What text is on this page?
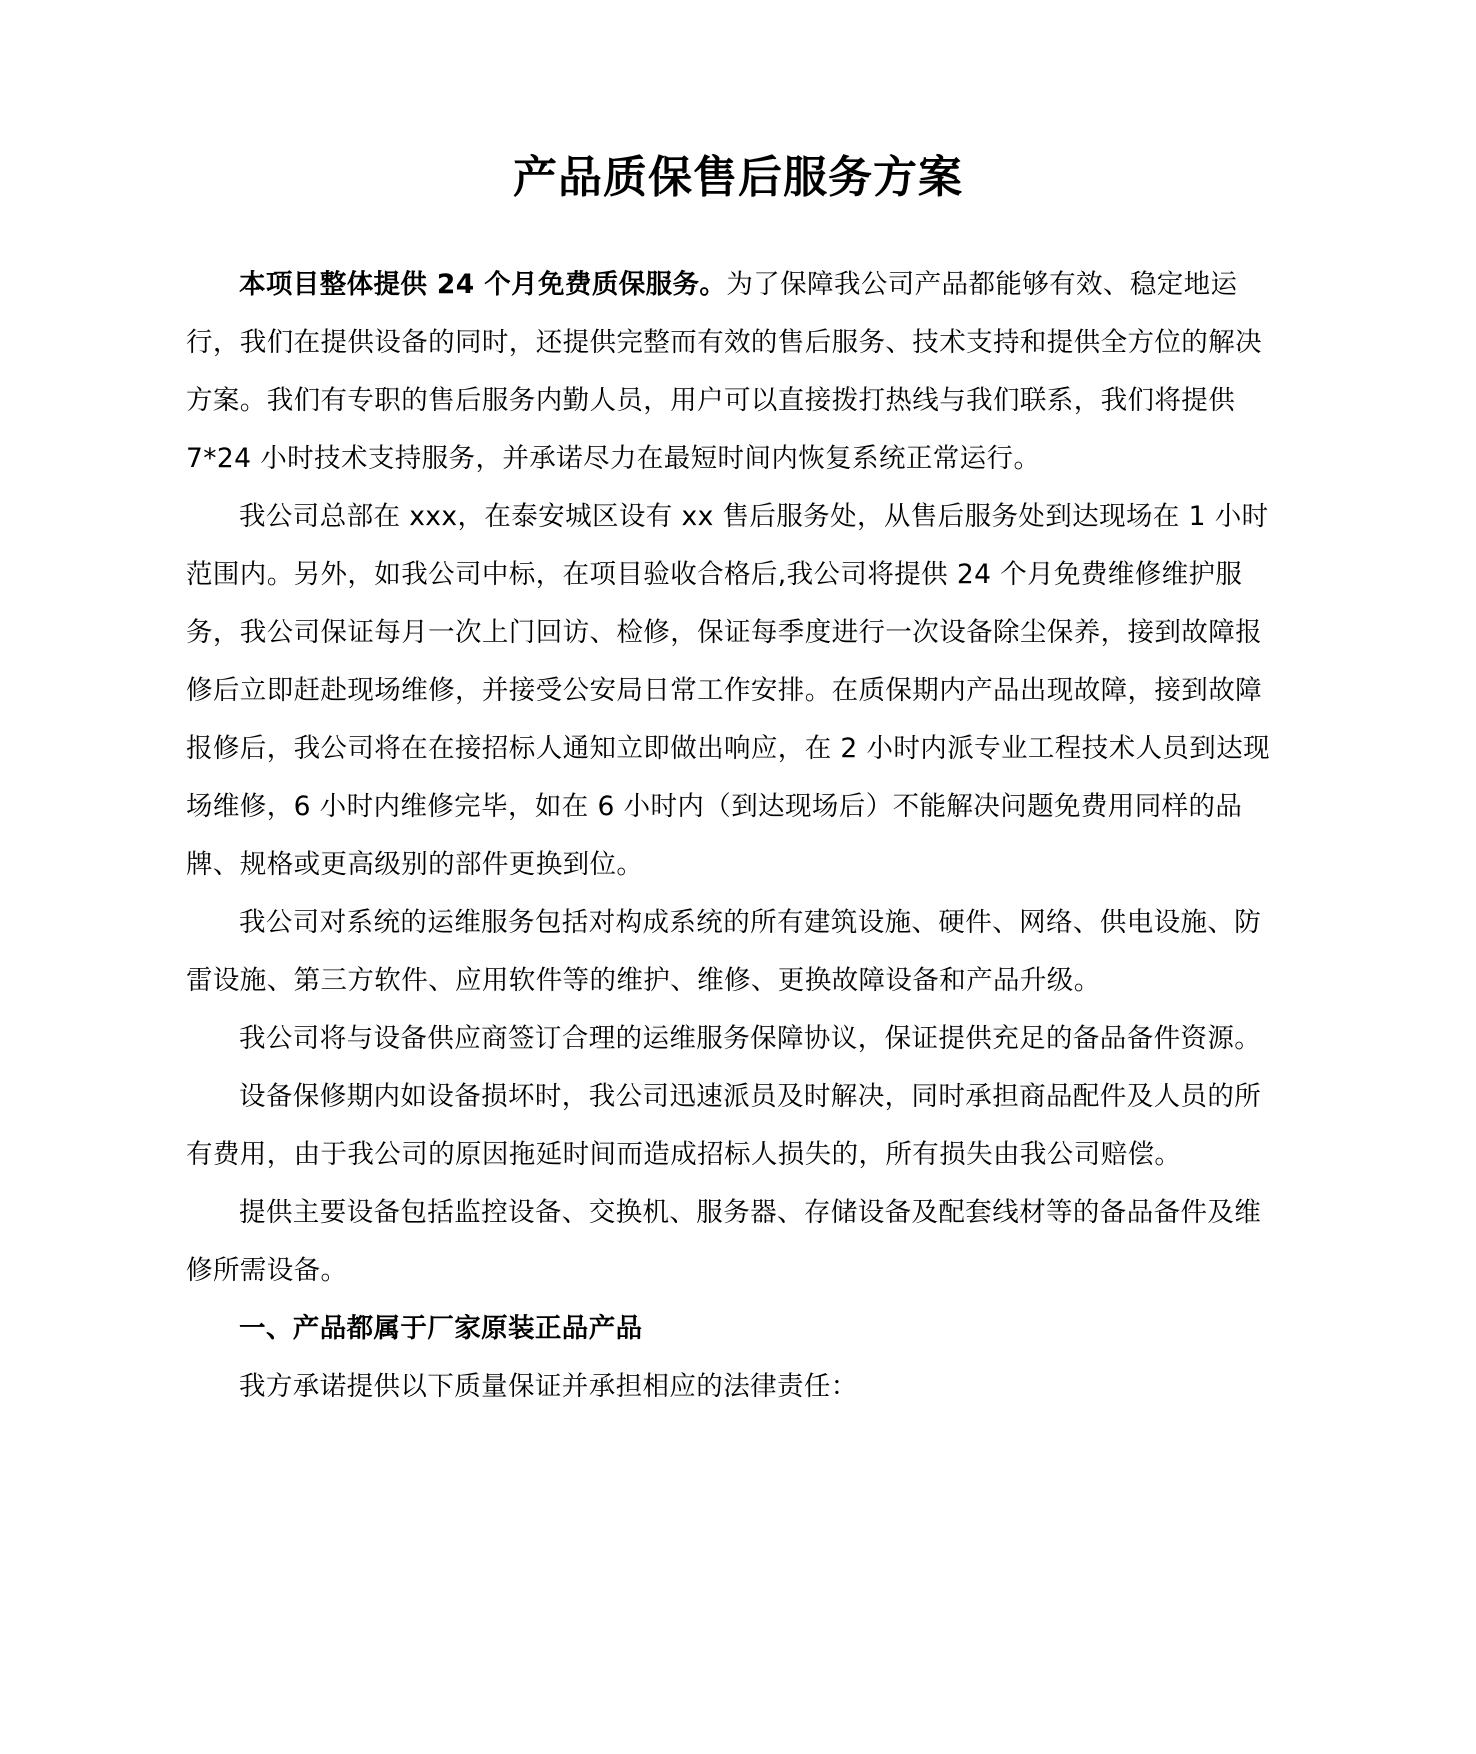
产品质保售后服务方案

本项目整体提供 24 个月免费质保服务。为了保障我公司产品都能够有效、稳定地运行，我们在提供设备的同时，还提供完整而有效的售后服务、技术支持和提供全方位的解决方案。我们有专职的售后服务内勤人员，用户可以直接拨打热线与我们联系，我们将提供 7*24 小时技术支持服务，并承诺尽力在最短时间内恢复系统正常运行。

我公司总部在 xxx，在泰安城区设有 xx 售后服务处，从售后服务处到达现场在 1 小时范围内。另外，如我公司中标，在项目验收合格后,我公司将提供 24 个月免费维修维护服务，我公司保证每月一次上门回访、检修，保证每季度进行一次设备除尘保养，接到故障报修后立即赶赴现场维修，并接受公安局日常工作安排。在质保期内产品出现故障，接到故障报修后，我公司将在在接招标人通知立即做出响应，在 2 小时内派专业工程技术人员到达现场维修，6 小时内维修完毕，如在 6 小时内（到达现场后）不能解决问题免费用同样的品牌、规格或更高级别的部件更换到位。

我公司对系统的运维服务包括对构成系统的所有建筑设施、硬件、网络、供电设施、防雷设施、第三方软件、应用软件等的维护、维修、更换故障设备和产品升级。

我公司将与设备供应商签订合理的运维服务保障协议，保证提供充足的备品备件资源。

设备保修期内如设备损坏时，我公司迅速派员及时解决，同时承担商品配件及人员的所有费用，由于我公司的原因拖延时间而造成招标人损失的，所有损失由我公司赔偿。

提供主要设备包括监控设备、交换机、服务器、存储设备及配套线材等的备品备件及维修所需设备。

一、产品都属于厂家原装正品产品

我方承诺提供以下质量保证并承担相应的法律责任：
